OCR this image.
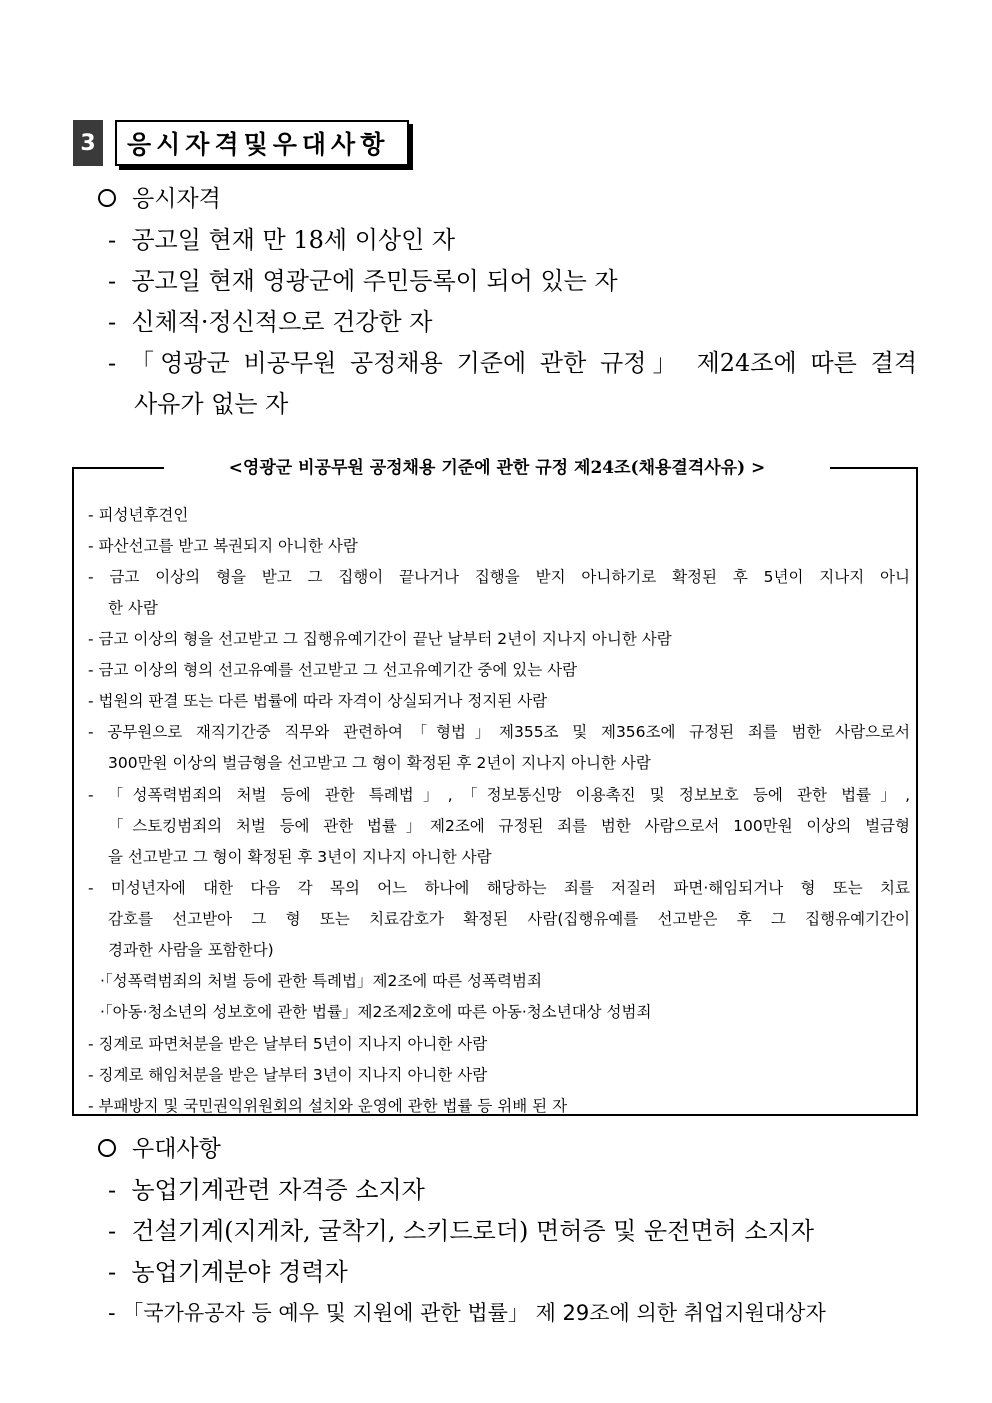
3	응시자격및우대사항
응시자격
-  공고일 현재 만 18세 이상인 자
-  공고일 현재 영광군에 주민등록이 되어 있는 자
-  신체적·정신적으로 건강한 자
- 「영광군 비공무원 공정채용 기준에 관한 규정」 제24조에 따른 결격
사유가 없는 자
<영광군 비공무원 공정채용 기준에 관한 규정 제24조(채용결격사유) >
- 피성년후견인
- 파산선고를 받고 복권되지 아니한 사람
- 금고 이상의 형을 받고 그 집행이 끝나거나 집행을 받지 아니하기로 확정된 후 5년이 지나지 아니
한 사람
- 금고 이상의 형을 선고받고 그 집행유예기간이 끝난 날부터 2년이 지나지 아니한 사람
- 금고 이상의 형의 선고유예를 선고받고 그 선고유예기간 중에 있는 사람
- 법원의 판결 또는 다른 법률에 따라 자격이 상실되거나 정지된 사람
- 공무원으로 재직기간중 직무와 관련하여「형법」제355조 및 제356조에 규정된 죄를 범한 사람으로서
300만원 이상의 벌금형을 선고받고 그 형이 확정된 후 2년이 지나지 아니한 사람
- 「성폭력범죄의 처벌 등에 관한 특례법」,「정보통신망 이용촉진 및 정보보호 등에 관한 법률」,
「스토킹범죄의 처벌 등에 관한 법률」제2조에 규정된 죄를 범한 사람으로서 100만원 이상의 벌금형
을 선고받고 그 형이 확정된 후 3년이 지나지 아니한 사람
- 미성년자에 대한 다음 각 목의 어느 하나에 해당하는 죄를 저질러 파면·해임되거나 형 또는 치료
감호를 선고받아 그 형 또는 치료감호가 확정된 사람(집행유예를 선고받은 후 그 집행유예기간이
경과한 사람을 포함한다)
·「성폭력범죄의 처벌 등에 관한 특례법」제2조에 따른 성폭력범죄
·「아동·청소년의 성보호에 관한 법률」제2조제2호에 따른 아동·청소년대상 성범죄
- 징계로 파면처분을 받은 날부터 5년이 지나지 아니한 사람
- 징계로 해임처분을 받은 날부터 3년이 지나지 아니한 사람
- 부패방지 및 국민권익위원회의 설치와 운영에 관한 법률 등 위배 된 자
우대사항
-  농업기계관련 자격증 소지자
-  건설기계(지게차, 굴착기, 스키드로더) 면허증 및 운전면허 소지자
-  농업기계분야 경력자
- 「국가유공자 등 예우 및 지원에 관한 법률」 제 29조에 의한 취업지원대상자
